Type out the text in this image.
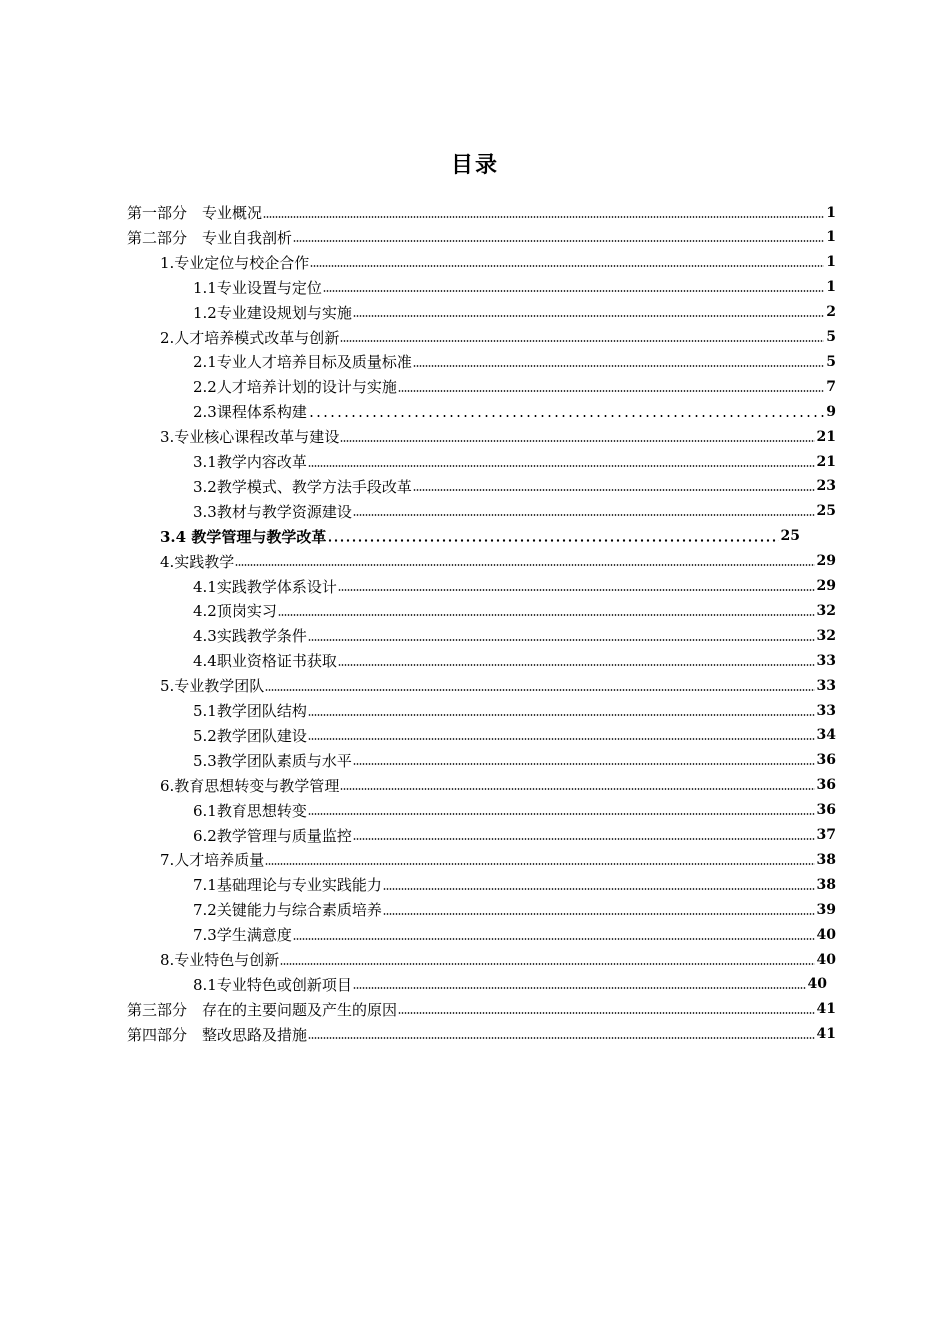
目录
第一部分　专业概况	1
第二部分　专业自我剖析	1
1.专业定位与校企合作	1
1.1专业设置与定位	1
1.2专业建设规划与实施	2
2.人才培养模式改革与创新	5
2.1专业人才培养目标及质量标准	5
2.2人才培养计划的设计与实施	7
2.3课程体系构建	9
3.专业核心课程改革与建设	21
3.1教学内容改革	21
3.2教学模式、教学方法手段改革	23
3.3教材与教学资源建设	25
3.4 教学管理与教学改革	25
4.实践教学	29
4.1实践教学体系设计	29
4.2顶岗实习	32
4.3实践教学条件	32
4.4职业资格证书获取	33
5.专业教学团队	33
5.1教学团队结构	33
5.2教学团队建设	34
5.3教学团队素质与水平	36
6.教育思想转变与教学管理	36
6.1教育思想转变	36
6.2教学管理与质量监控	37
7.人才培养质量	38
7.1基础理论与专业实践能力	38
7.2关键能力与综合素质培养	39
7.3学生满意度	40
8.专业特色与创新	40
8.1专业特色或创新项目	40
第三部分　存在的主要问题及产生的原因	41
第四部分　整改思路及措施	41
